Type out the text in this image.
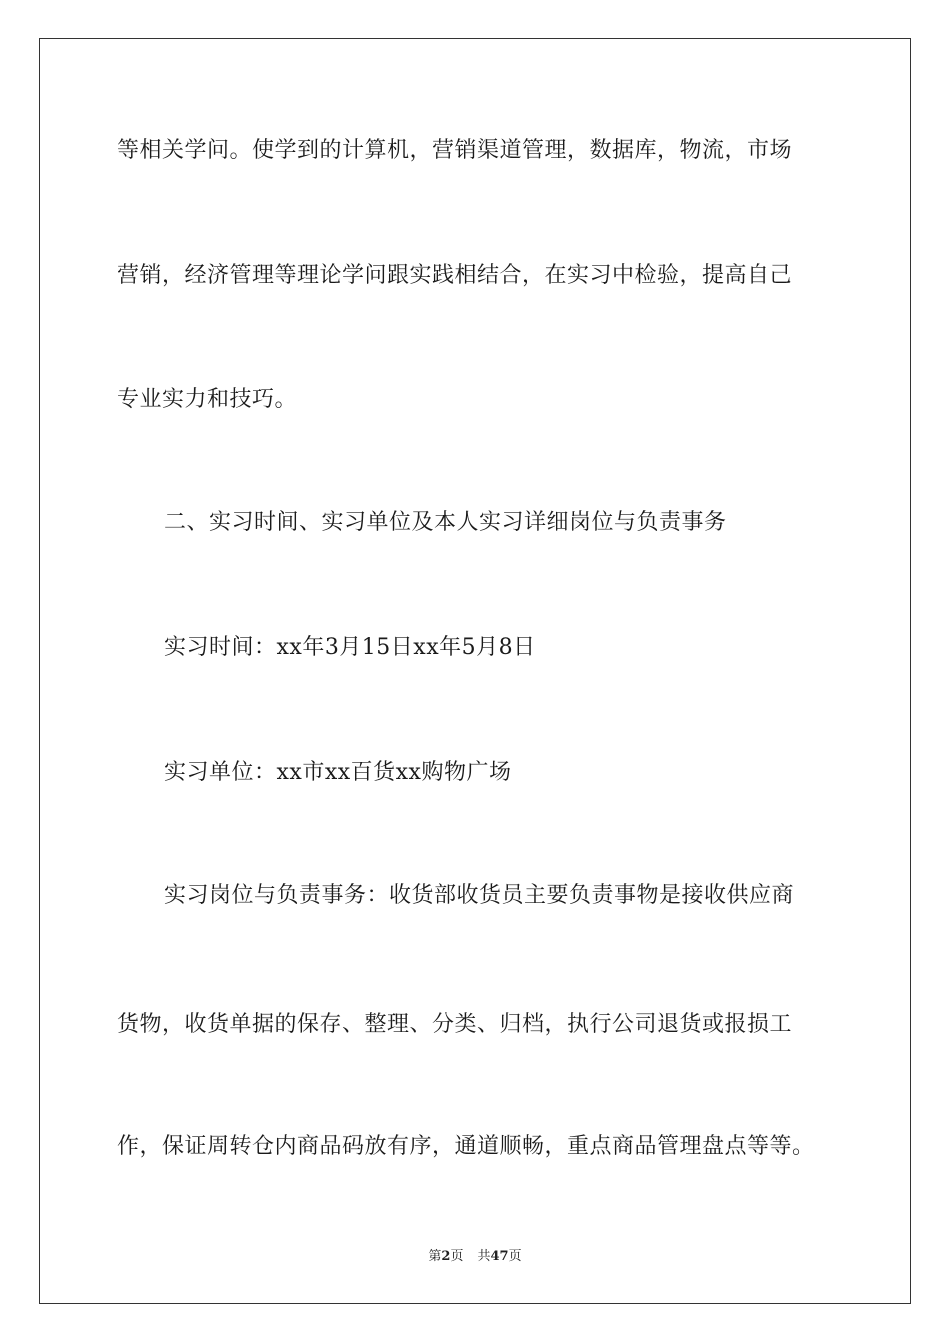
等相关学问。使学到的计算机，营销渠道管理，数据库，物流，市场
营销，经济管理等理论学问跟实践相结合，在实习中检验，提高自己
专业实力和技巧。
二、实习时间、实习单位及本人实习详细岗位与负责事务
实习时间：xx年3月15日xx年5月8日
实习单位：xx市xx百货xx购物广场
实习岗位与负责事务：收货部收货员主要负责事物是接收供应商
货物，收货单据的保存、整理、分类、归档，执行公司退货或报损工
作，保证周转仓内商品码放有序，通道顺畅，重点商品管理盘点等等。
第2页 共47页
